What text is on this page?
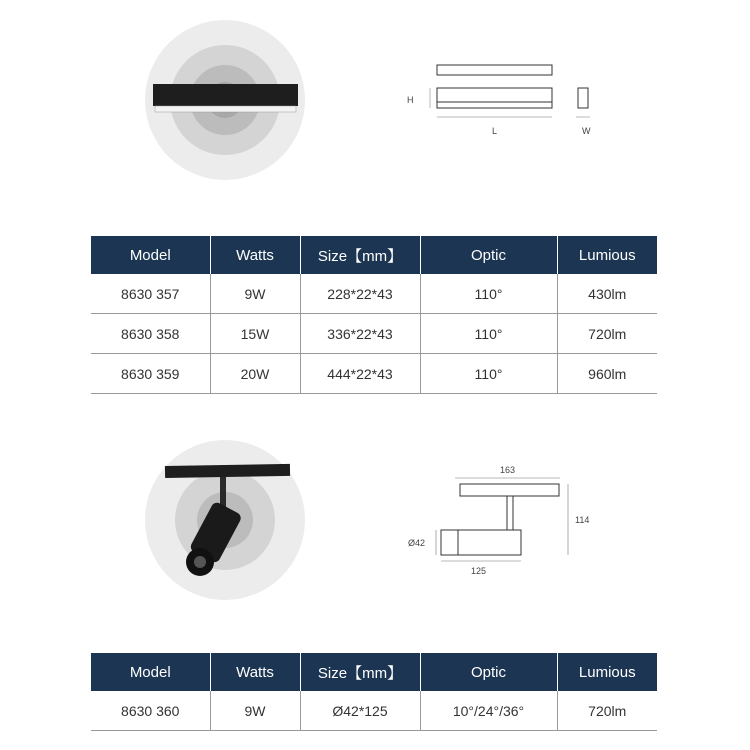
H
L	W
Model	Watts	Size【mm】	Optic	Lumious
8630 357	9W	228*22*43	110°	430lm
8630 358	15W	336*22*43	110°	720lm
8630 359	20W	444*22*43	110°	960lm
163
114
Ø42
125
Model	Watts	Size【mm】	Optic	Lumious
8630 360	9W	Ø42*125	10°/24°/36°	720lm
